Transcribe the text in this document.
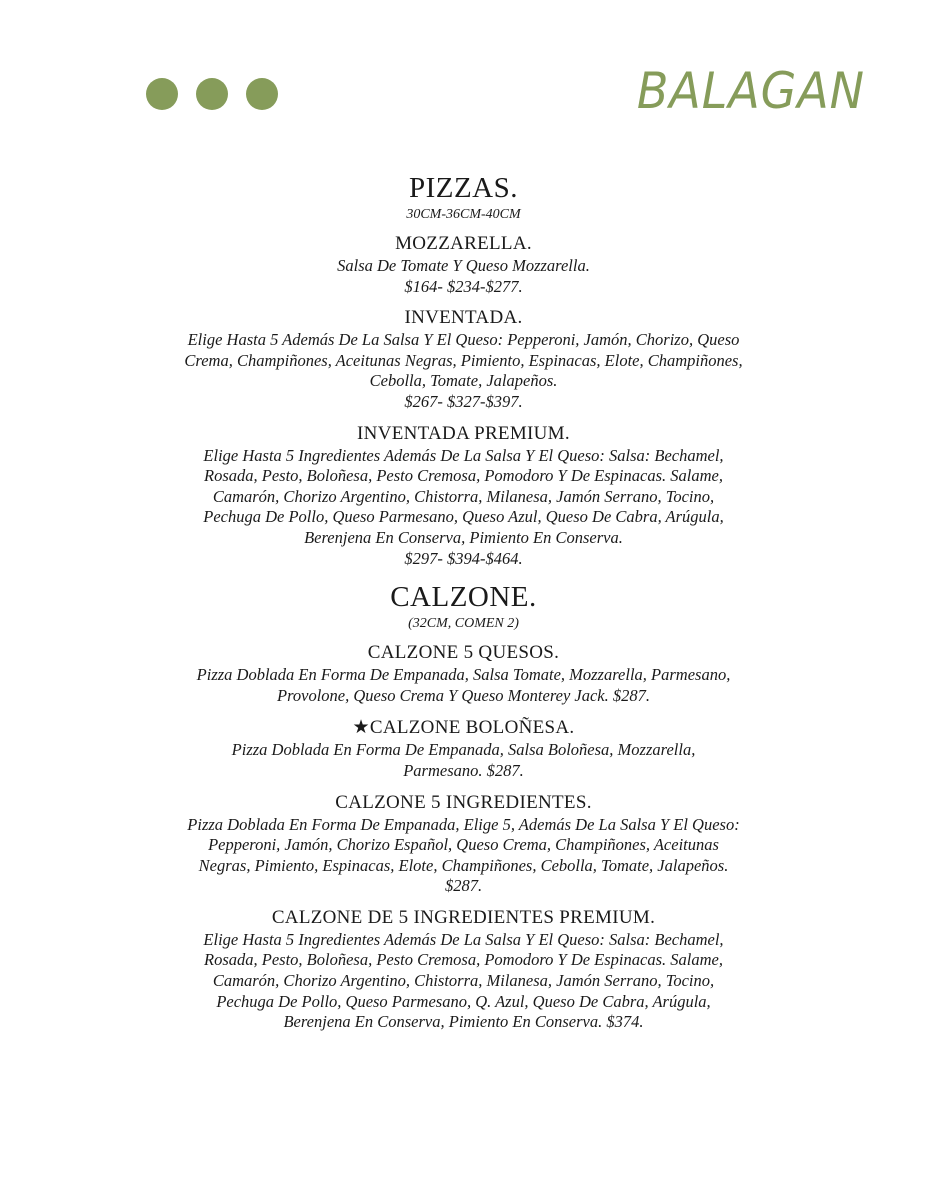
BALAGAN
PIZZAS.

30CM-36CM-40CM

MOZZARELLA.

Salsa De Tomate Y Queso Mozzarella.

$164- $234-$277.

INVENTADA.

Elige Hasta 5 Además De La Salsa Y El Queso: Pepperoni, Jamón, Chorizo, Queso Crema, Champiñones, Aceitunas Negras, Pimiento, Espinacas, Elote, Champiñones, Cebolla, Tomate, Jalapeños.

$267- $327-$397.

INVENTADA PREMIUM.

Elige Hasta 5 Ingredientes Además De La Salsa Y El Queso: Salsa: Bechamel, Rosada, Pesto, Boloñesa, Pesto Cremosa, Pomodoro Y De Espinacas. Salame, Camarón, Chorizo Argentino, Chistorra, Milanesa, Jamón Serrano, Tocino, Pechuga De Pollo, Queso Parmesano, Queso Azul, Queso De Cabra, Arúgula, Berenjena En Conserva, Pimiento En Conserva.

$297- $394-$464.

CALZONE.

(32CM, COMEN 2)

CALZONE 5 QUESOS.

Pizza Doblada En Forma De Empanada, Salsa Tomate, Mozzarella, Parmesano, Provolone, Queso Crema Y Queso Monterey Jack. $287.

★CALZONE BOLOÑESA.

Pizza Doblada En Forma De Empanada, Salsa Boloñesa, Mozzarella, Parmesano. $287.

CALZONE 5 INGREDIENTES.

Pizza Doblada En Forma De Empanada, Elige 5, Además De La Salsa Y El Queso: Pepperoni, Jamón, Chorizo Español, Queso Crema, Champiñones, Aceitunas Negras, Pimiento, Espinacas, Elote, Champiñones, Cebolla, Tomate, Jalapeños. $287.

CALZONE DE 5 INGREDIENTES PREMIUM.

Elige Hasta 5 Ingredientes Además De La Salsa Y El Queso: Salsa: Bechamel, Rosada, Pesto, Boloñesa, Pesto Cremosa, Pomodoro Y De Espinacas. Salame, Camarón, Chorizo Argentino, Chistorra, Milanesa, Jamón Serrano, Tocino, Pechuga De Pollo, Queso Parmesano, Q. Azul, Queso De Cabra, Arúgula, Berenjena En Conserva, Pimiento En Conserva. $374.
